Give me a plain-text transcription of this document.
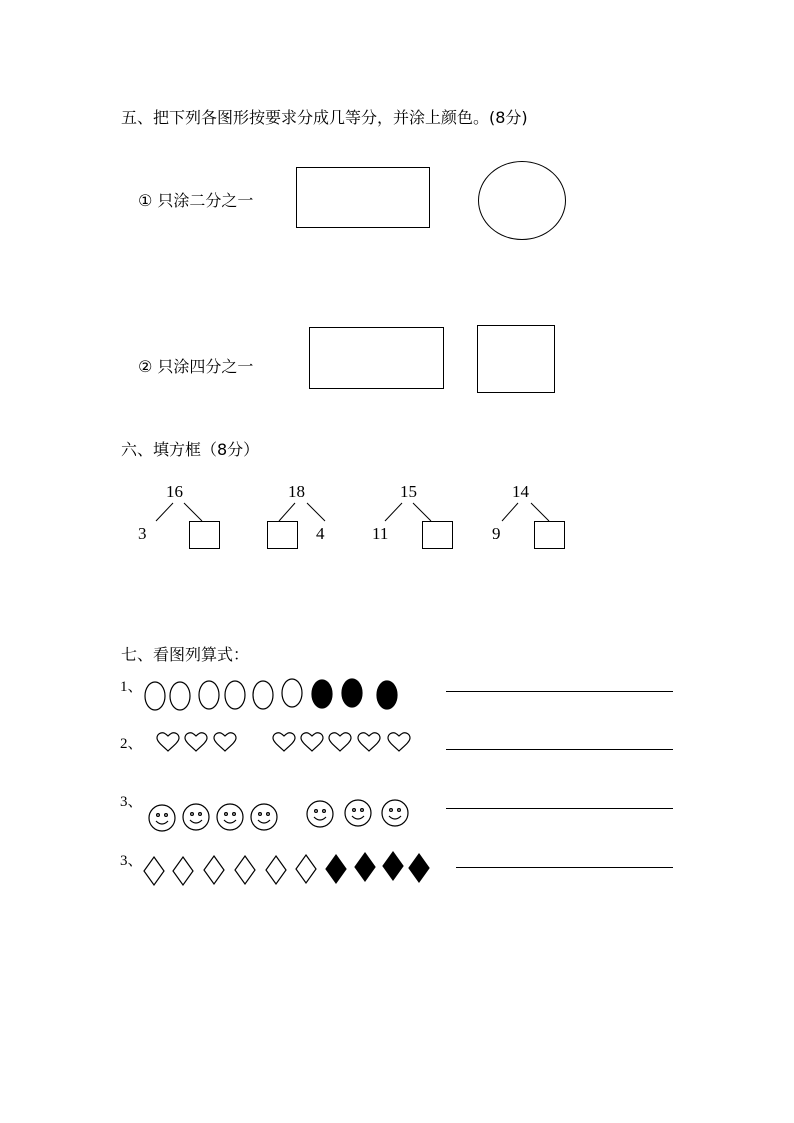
五、把下列各图形按要求分成几等分，并涂上颜色。(8分)
① 只涂二分之一
② 只涂四分之一
六、填方框（8分）
16
3
18
4
15
11
14
9
七、看图列算式：
1、
2、
3、
3、
